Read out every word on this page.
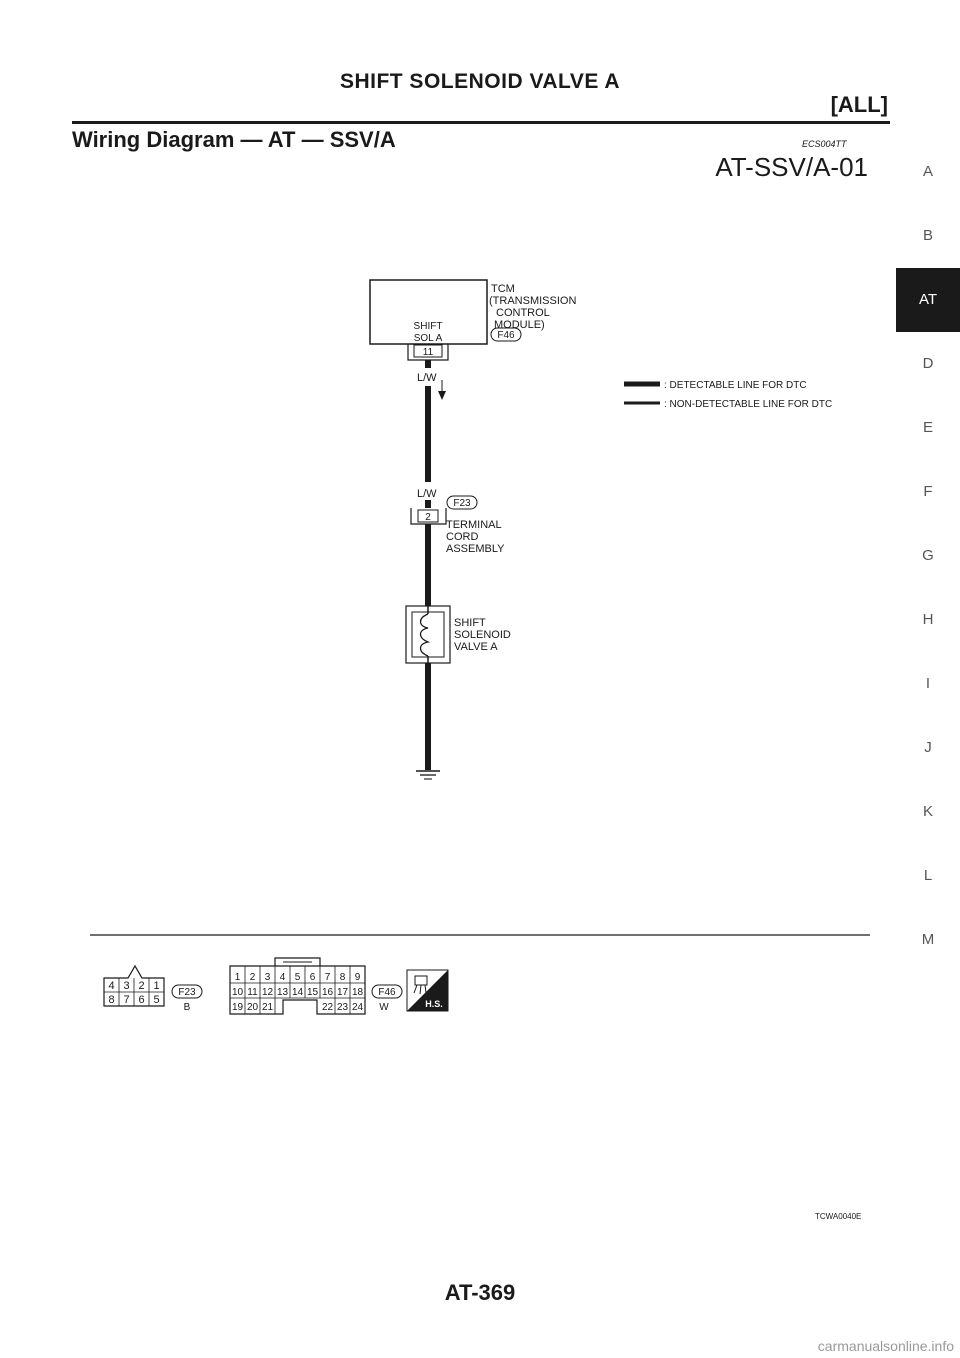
SHIFT SOLENOID VALVE A
[ALL]
Wiring Diagram — AT — SSV/A	ECS004TT
AT-SSV/A-01	A
B
AT
D
E
F
G
H
I
J
K
L
M
TCM
(TRANSMISSION
CONTROL
MODULE)
F46
SHIFT
SOL A
11
L/W
: DETECTABLE LINE FOR DTC
: NON-DETECTABLE LINE FOR DTC
L/W
F23
2
TERMINAL
CORD
ASSEMBLY
SHIFT
SOLENOID
VALVE A
4 3 2 1
8 7 6 5
F23
B
1 2 3 4 5 6 7 8 9
10 11 12 13 14 15 16 17 18
19 20 21	22 23 24
F46
W	H.S.
TCWA0040E
AT-369
carmanualsonline.info
